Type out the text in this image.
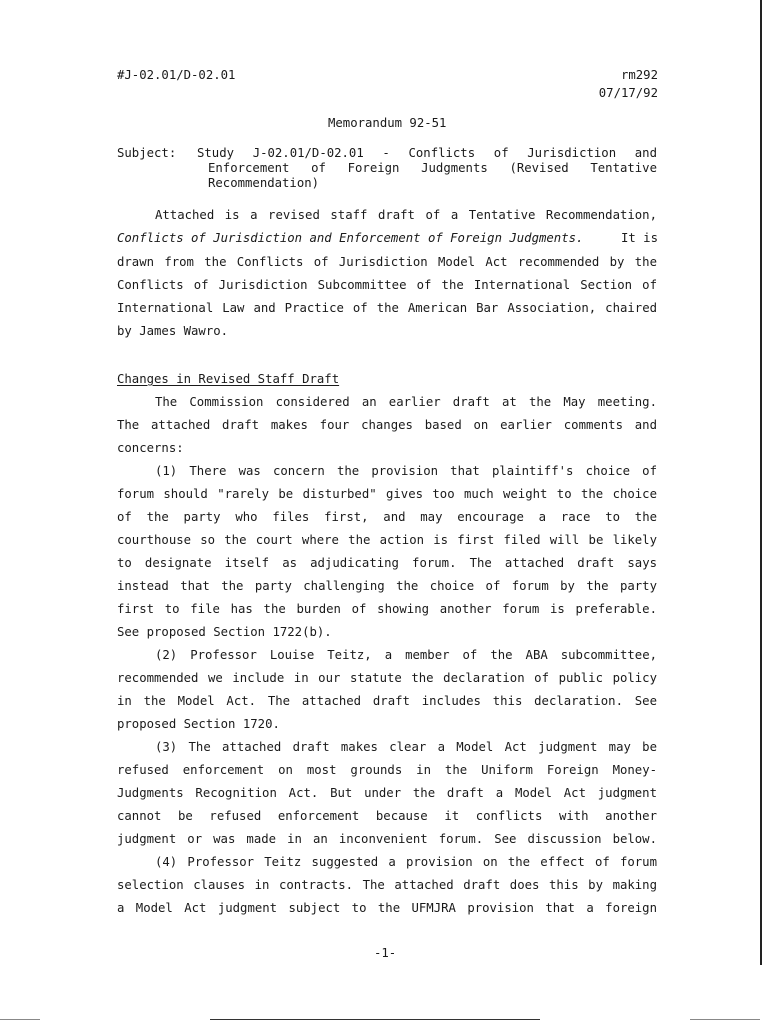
#J-02.01/D-02.01	rm292
07/17/92
Memorandum 92-51
Subject: Study J-02.01/D-02.01 - Conflicts of Jurisdiction and
Enforcement of Foreign Judgments (Revised Tentative
Recommendation)
Attached is a revised staff draft of a Tentative Recommendation,
Conflicts of Jurisdiction and Enforcement of Foreign Judgments.	It is
drawn from the Conflicts of Jurisdiction Model Act recommended by the
Conflicts of Jurisdiction Subcommittee of the International Section of
International Law and Practice of the American Bar Association, chaired
by James Wawro.
Changes in Revised Staff Draft
The Commission considered an earlier draft at the May meeting.
The attached draft makes four changes based on earlier comments and
concerns:
(1) There was concern the provision that plaintiff's choice of
forum should "rarely be disturbed" gives too much weight to the choice
of the party who files first, and may encourage a race to the
courthouse so the court where the action is first filed will be likely
to designate itself as adjudicating forum. The attached draft says
instead that the party challenging the choice of forum by the party
first to file has the burden of showing another forum is preferable.
See proposed Section 1722(b).
(2) Professor Louise Teitz, a member of the ABA subcommittee,
recommended we include in our statute the declaration of public policy
in the Model Act. The attached draft includes this declaration. See
proposed Section 1720.
(3) The attached draft makes clear a Model Act judgment may be
refused enforcement on most grounds in the Uniform Foreign Money-
Judgments Recognition Act. But under the draft a Model Act judgment
cannot be refused enforcement because it conflicts with another
judgment or was made in an inconvenient forum. See discussion below.
(4) Professor Teitz suggested a provision on the effect of forum
selection clauses in contracts. The attached draft does this by making
a Model Act judgment subject to the UFMJRA provision that a foreign
-1-
